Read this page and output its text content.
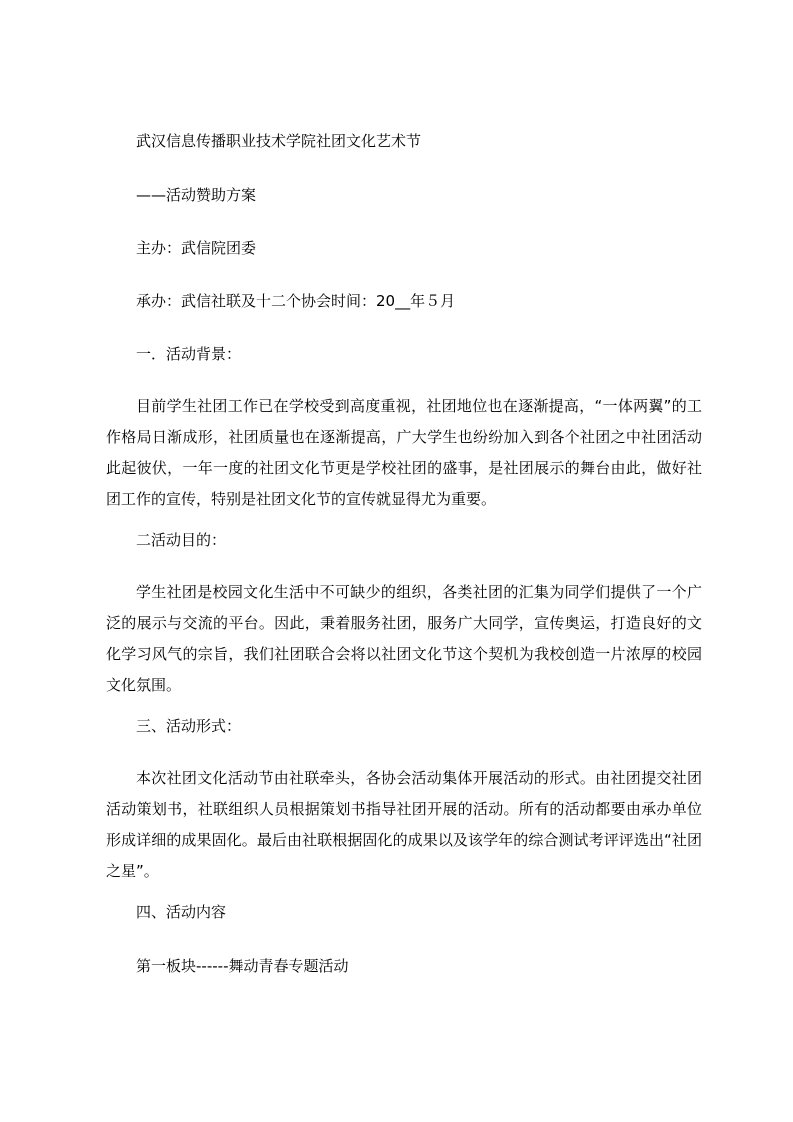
武汉信息传播职业技术学院社团文化艺术节
——活动赞助方案
主办：武信院团委
承办：武信社联及十二个协会时间：20__年５月
一．活动背景：
目前学生社团工作已在学校受到高度重视，社团地位也在逐渐提高，“一体两翼”的工作格局日渐成形，社团质量也在逐渐提高，广大学生也纷纷加入到各个社团之中社团活动此起彼伏，一年一度的社团文化节更是学校社团的盛事，是社团展示的舞台由此，做好社团工作的宣传，特别是社团文化节的宣传就显得尤为重要。
二活动目的：
学生社团是校园文化生活中不可缺少的组织，各类社团的汇集为同学们提供了一个广泛的展示与交流的平台。因此，秉着服务社团，服务广大同学，宣传奥运，打造良好的文化学习风气的宗旨，我们社团联合会将以社团文化节这个契机为我校创造一片浓厚的校园文化氛围。
三、活动形式：
本次社团文化活动节由社联牵头，各协会活动集体开展活动的形式。由社团提交社团活动策划书，社联组织人员根据策划书指导社团开展的活动。所有的活动都要由承办单位形成详细的成果固化。最后由社联根据固化的成果以及该学年的综合测试考评评选出“社团之星”。
四、活动内容
第一板块------舞动青春专题活动
